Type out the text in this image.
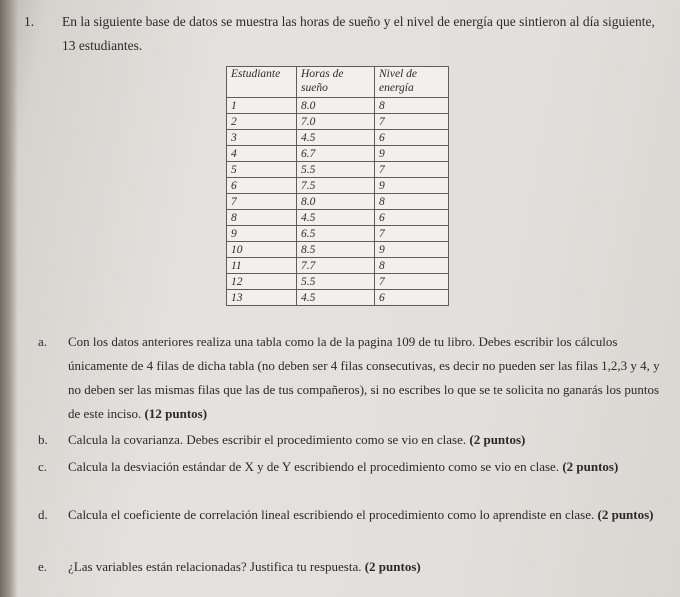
1. En la siguiente base de datos se muestra las horas de sueño y el nivel de energía que sintieron al día siguiente, 13 estudiantes.
Estudiante	Horas de sueño	Nivel de energía
1	8.0	8
2	7.0	7
3	4.5	6
4	6.7	9
5	5.5	7
6	7.5	9
7	8.0	8
8	4.5	6
9	6.5	7
10	8.5	9
11	7.7	8
12	5.5	7
13	4.5	6
a. Con los datos anteriores realiza una tabla como la de la pagina 109 de tu libro. Debes escribir los cálculos únicamente de 4 filas de dicha tabla (no deben ser 4 filas consecutivas, es decir no pueden ser las filas 1,2,3 y 4, y no deben ser las mismas filas que las de tus compañeros), si no escribes lo que se te solicita no ganarás los puntos de este inciso. (12 puntos)
b. Calcula la covarianza. Debes escribir el procedimiento como se vio en clase. (2 puntos)
c. Calcula la desviación estándar de X y de Y escribiendo el procedimiento como se vio en clase. (2 puntos)
d. Calcula el coeficiente de correlación lineal escribiendo el procedimiento como lo aprendiste en clase. (2 puntos)
e. ¿Las variables están relacionadas? Justifica tu respuesta. (2 puntos)
